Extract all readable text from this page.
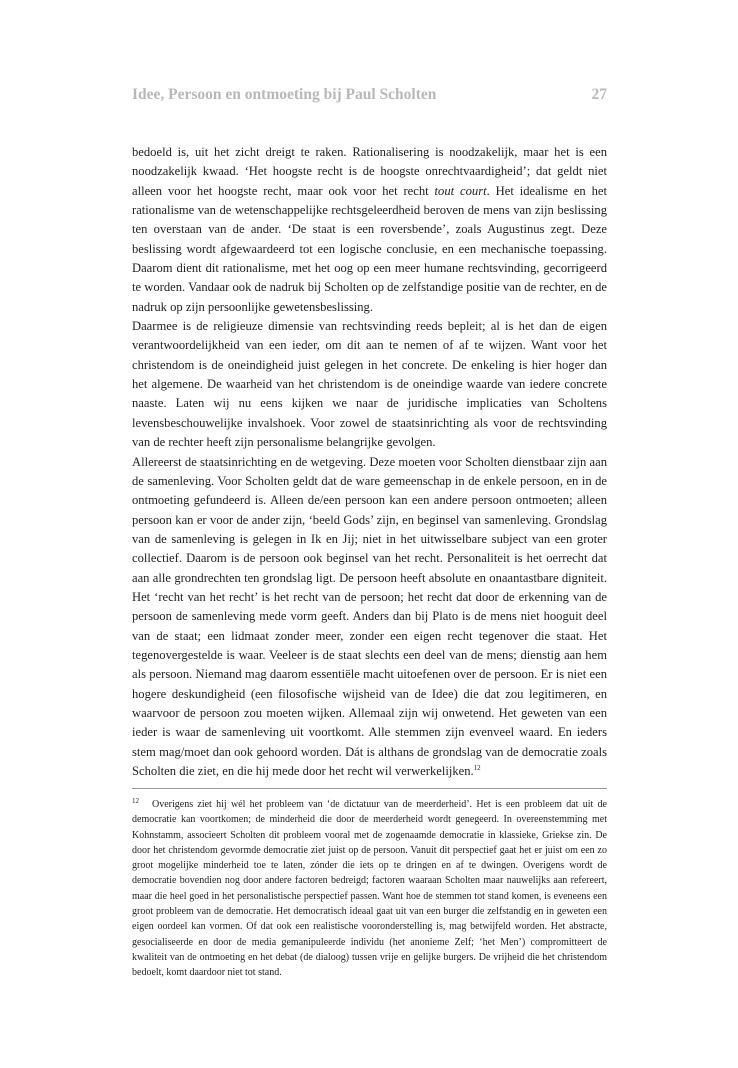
Idee, Persoon en ontmoeting bij Paul Scholten	27

bedoeld is, uit het zicht dreigt te raken. Rationalisering is noodzakelijk, maar het is een noodzakelijk kwaad. ‘Het hoogste recht is de hoogste onrechtvaardigheid’; dat geldt niet alleen voor het hoogste recht, maar ook voor het recht tout court. Het idealisme en het rationalisme van de wetenschappelijke rechtsgeleerdheid beroven de mens van zijn beslissing ten overstaan van de ander. ‘De staat is een roversbende’, zoals Augustinus zegt. Deze beslissing wordt afgewaardeerd tot een logische conclusie, en een mechanische toepassing. Daarom dient dit rationalisme, met het oog op een meer humane rechtsvinding, gecorrigeerd te worden. Vandaar ook de nadruk bij Scholten op de zelfstandige positie van de rechter, en de nadruk op zijn persoonlijke gewetensbeslissing.

Daarmee is de religieuze dimensie van rechtsvinding reeds bepleit; al is het dan de eigen verantwoordelijkheid van een ieder, om dit aan te nemen of af te wijzen. Want voor het christendom is de oneindigheid juist gelegen in het concrete. De enkeling is hier hoger dan het algemene. De waarheid van het christendom is de oneindige waarde van iedere concrete naaste. Laten wij nu eens kijken we naar de juridische implicaties van Scholtens levensbeschouwelijke invalshoek. Voor zowel de staatsinrichting als voor de rechtsvinding van de rechter heeft zijn personalisme belangrijke gevolgen.

Allereerst de staatsinrichting en de wetgeving. Deze moeten voor Scholten dienstbaar zijn aan de samenleving. Voor Scholten geldt dat de ware gemeenschap in de enkele persoon, en in de ontmoeting gefundeerd is. Alleen de/een persoon kan een andere persoon ontmoeten; alleen persoon kan er voor de ander zijn, ‘beeld Gods’ zijn, en beginsel van samenleving. Grondslag van de samenleving is gelegen in Ik en Jij; niet in het uitwisselbare subject van een groter collectief. Daarom is de persoon ook beginsel van het recht. Personaliteit is het oerrecht dat aan alle grondrechten ten grondslag ligt. De persoon heeft absolute en onaantastbare digniteit. Het ‘recht van het recht’ is het recht van de persoon; het recht dat door de erkenning van de persoon de samenleving mede vorm geeft. Anders dan bij Plato is de mens niet hooguit deel van de staat; een lidmaat zonder meer, zonder een eigen recht tegenover die staat. Het tegenovergestelde is waar. Veeleer is de staat slechts een deel van de mens; dienstig aan hem als persoon. Niemand mag daarom essentiële macht uitoefenen over de persoon. Er is niet een hogere deskundigheid (een filosofische wijsheid van de Idee) die dat zou legitimeren, en waarvoor de persoon zou moeten wijken. Allemaal zijn wij onwetend. Het geweten van een ieder is waar de samenleving uit voortkomt. Alle stemmen zijn evenveel waard. En ieders stem mag/moet dan ook gehoord worden. Dát is althans de grondslag van de democratie zoals Scholten die ziet, en die hij mede door het recht wil verwerkelijken.$^{12}$

$^{12}$ Overigens ziet hij wél het probleem van ‘de dictatuur van de meerderheid’. Het is een probleem dat uit de democratie kan voortkomen; de minderheid die door de meerderheid wordt genegeerd. In overeenstemming met Kohnstamm, associeert Scholten dit probleem vooral met de zogenaamde democratie in klassieke, Griekse zin. De door het christendom gevormde democratie ziet juist op de persoon. Vanuit dit perspectief gaat het er juist om een zo groot mogelijke minderheid toe te laten, zónder die iets op te dringen en af te dwingen. Overigens wordt de democratie bovendien nog door andere factoren bedreigd; factoren waaraan Scholten maar nauwelijks aan refereert, maar die heel goed in het personalistische perspectief passen. Want hoe de stemmen tot stand komen, is eveneens een groot probleem van de democratie. Het democratisch ideaal gaat uit van een burger die zelfstandig en in geweten een eigen oordeel kan vormen. Of dat ook een realistische vooronderstelling is, mag betwijfeld worden. Het abstracte, gesocialiseerde en door de media gemanipuleerde individu (het anonieme Zelf; ‘het Men’) compromitteert de kwaliteit van de ontmoeting en het debat (de dialoog) tussen vrije en gelijke burgers. De vrijheid die het christendom bedoelt, komt daardoor niet tot stand.
